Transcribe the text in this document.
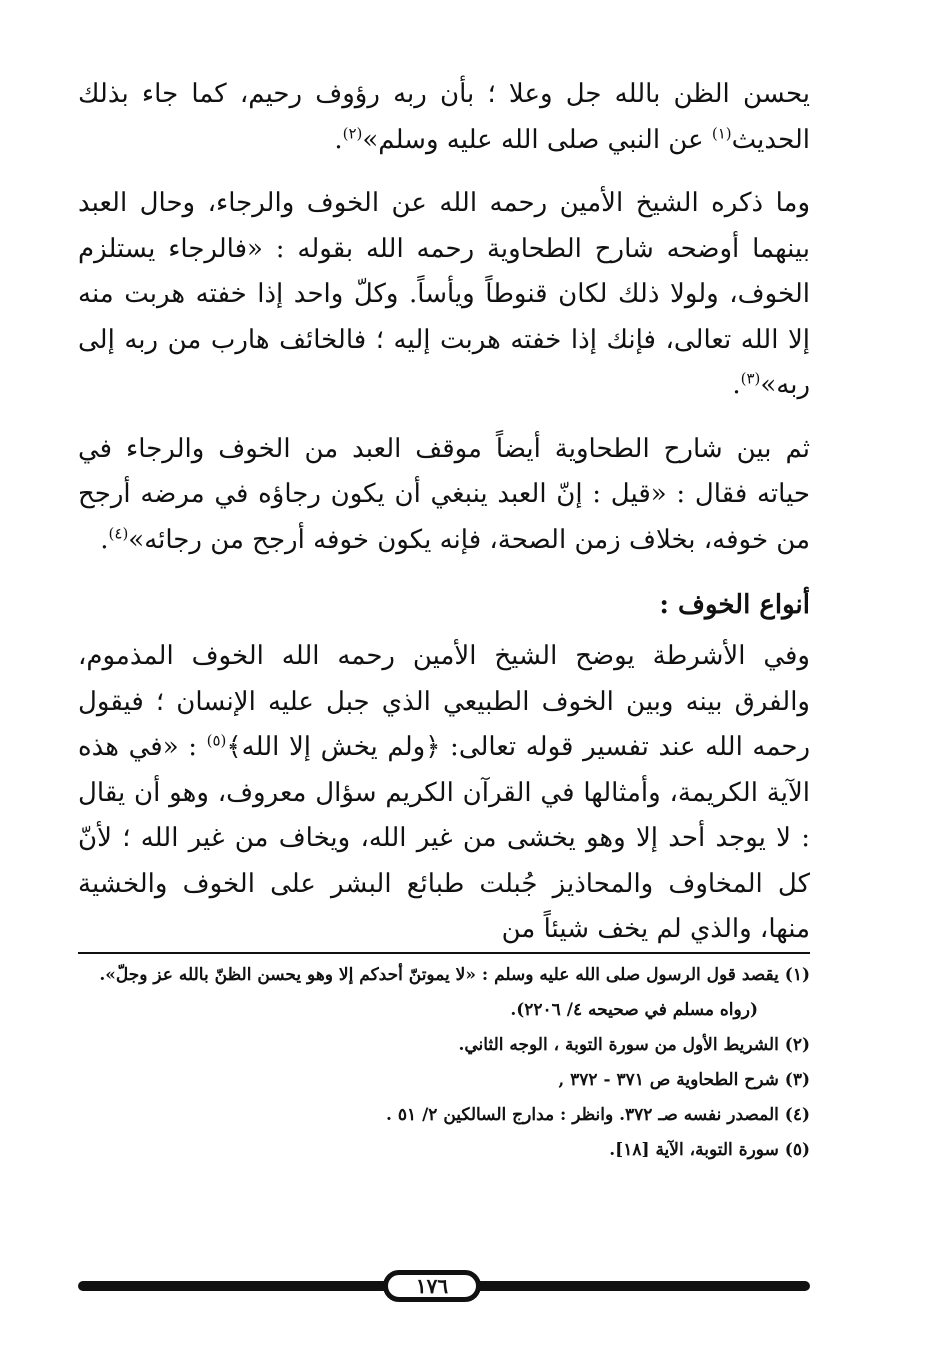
يحسن الظن بالله جل وعلا ؛ بأن ربه رؤوف رحيم، كما جاء بذلك الحديث$^{(١)}$ عن النبي صلى الله عليه وسلم»$^{(٢)}$.

وما ذكره الشيخ الأمين رحمه الله عن الخوف والرجاء، وحال العبد بينهما أوضحه شارح الطحاوية رحمه الله بقوله : «فالرجاء يستلزم الخوف، ولولا ذلك لكان قنوطاً ويأساً. وكلّ واحد إذا خفته هربت منه إلا الله تعالى، فإنك إذا خفته هربت إليه ؛ فالخائف هارب من ربه إلى ربه»$^{(٣)}$.

ثم بين شارح الطحاوية أيضاً موقف العبد من الخوف والرجاء في حياته فقال : «قيل : إنّ العبد ينبغي أن يكون رجاؤه في مرضه أرجح من خوفه، بخلاف زمن الصحة، فإنه يكون خوفه أرجح من رجائه»$^{(٤)}$.

أنواع الخوف :

وفي الأشرطة يوضح الشيخ الأمين رحمه الله الخوف المذموم، والفرق بينه وبين الخوف الطبيعي الذي جبل عليه الإنسان ؛ فيقول رحمه الله عند تفسير قوله تعالى: ﴿ولم يخش إلا الله﴾$^{(٥)}$ : «في هذه الآية الكريمة، وأمثالها في القرآن الكريم سؤال معروف، وهو أن يقال : لا يوجد أحد إلا وهو يخشى من غير الله، ويخاف من غير الله ؛ لأنّ كل المخاوف والمحاذيز جُبلت طبائع البشر على الخوف والخشية منها، والذي لم يخف شيئاً من

(١) يقصد قول الرسول صلى الله عليه وسلم : «لا يموتنّ أحدكم إلا وهو يحسن الظنّ بالله عز وجلّ».

(رواه مسلم في صحيحه ٤/ ٢٢٠٦).

(٢) الشريط الأول من سورة التوبة ، الوجه الثاني.

(٣) شرح الطحاوية ص ٣٧١ - ٣٧٢ ,

(٤) المصدر نفسه صـ ٣٧٢. وانظر : مدارج السالكين ٢/ ٥١ .

(٥) سورة التوبة، الآية [١٨].

١٧٦
